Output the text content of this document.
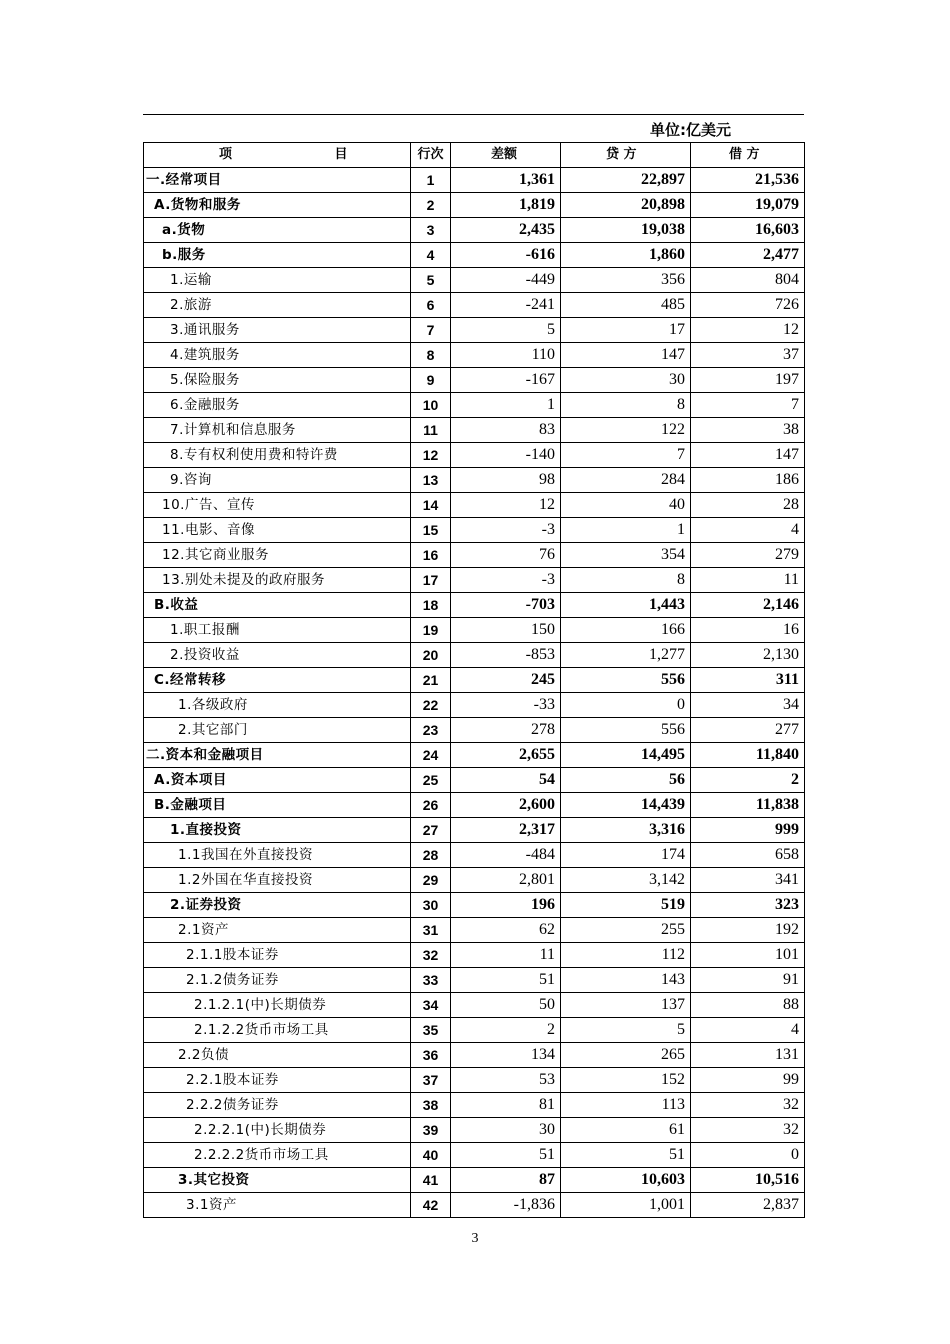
单位:亿美元
项 目	行次	差额	贷 方	借 方
一.经常项目	1	1,361	22,897	21,536
A.货物和服务	2	1,819	20,898	19,079
a.货物	3	2,435	19,038	16,603
b.服务	4	-616	1,860	2,477
1.运输	5	-449	356	804
2.旅游	6	-241	485	726
3.通讯服务	7	5	17	12
4.建筑服务	8	110	147	37
5.保险服务	9	-167	30	197
6.金融服务	10	1	8	7
7.计算机和信息服务	11	83	122	38
8.专有权利使用费和特许费	12	-140	7	147
9.咨询	13	98	284	186
10.广告、宣传	14	12	40	28
11.电影、音像	15	-3	1	4
12.其它商业服务	16	76	354	279
13.别处未提及的政府服务	17	-3	8	11
B.收益	18	-703	1,443	2,146
1.职工报酬	19	150	166	16
2.投资收益	20	-853	1,277	2,130
C.经常转移	21	245	556	311
1.各级政府	22	-33	0	34
2.其它部门	23	278	556	277
二.资本和金融项目	24	2,655	14,495	11,840
A.资本项目	25	54	56	2
B.金融项目	26	2,600	14,439	11,838
1.直接投资	27	2,317	3,316	999
1.1我国在外直接投资	28	-484	174	658
1.2外国在华直接投资	29	2,801	3,142	341
2.证券投资	30	196	519	323
2.1资产	31	62	255	192
2.1.1股本证券	32	11	112	101
2.1.2债务证券	33	51	143	91
2.1.2.1(中)长期债券	34	50	137	88
2.1.2.2货币市场工具	35	2	5	4
2.2负债	36	134	265	131
2.2.1股本证券	37	53	152	99
2.2.2债务证券	38	81	113	32
2.2.2.1(中)长期债券	39	30	61	32
2.2.2.2货币市场工具	40	51	51	0
3.其它投资	41	87	10,603	10,516
3.1资产	42	-1,836	1,001	2,837
3
